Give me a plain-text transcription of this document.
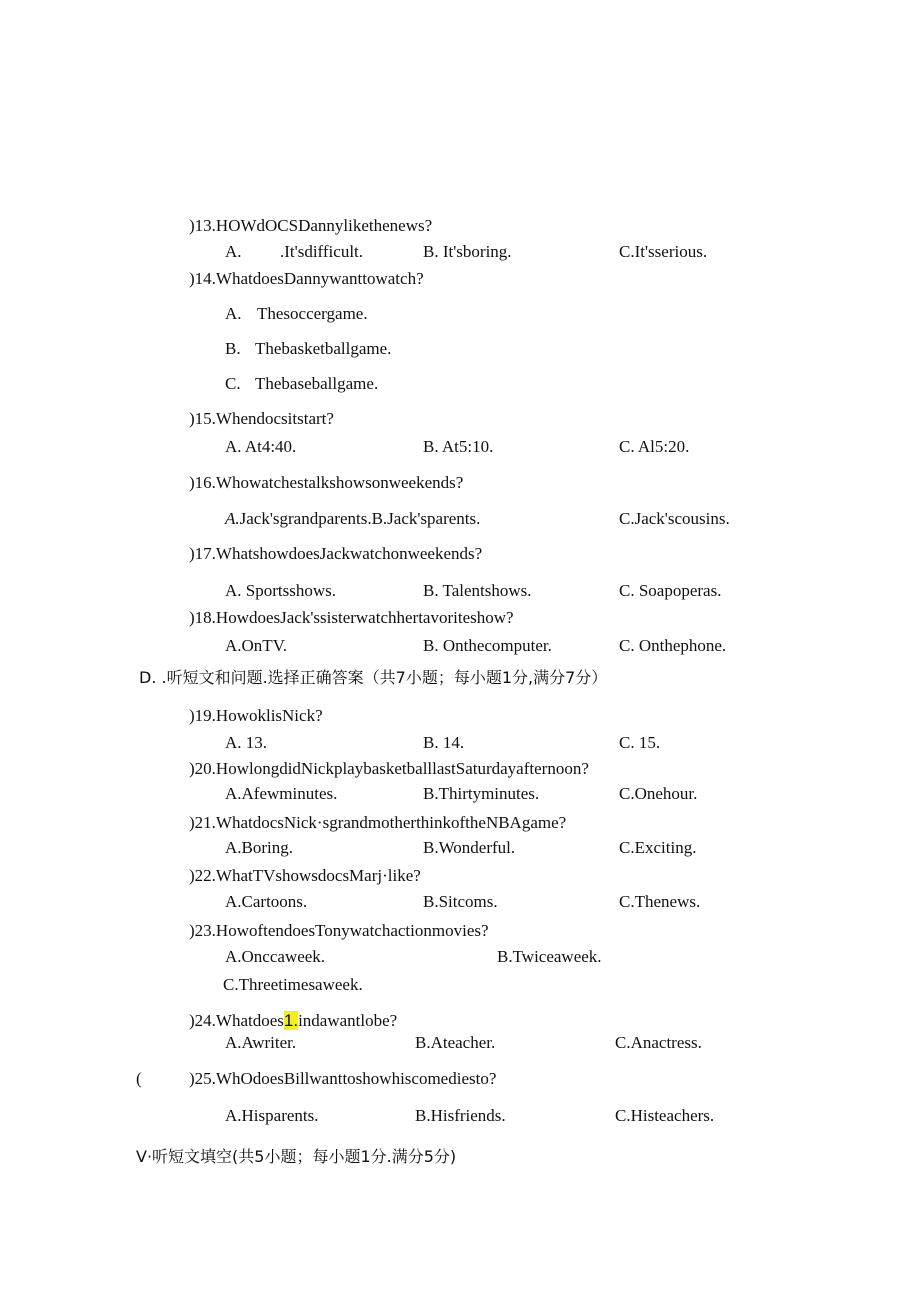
)13.HOWdOCSDannylikethenews?
A. .It'sdifficult.	B. It'sboring.	C.It'sserious.
)14.WhatdoesDannywanttowatch?
A. Thesoccergame.
B. Thebasketballgame.
C. Thebaseballgame.
)15.Whendocsitstart?
A. At4:40.	B. At5:10.	C. Al5:20.
)16.Whowatchestalkshowsonweekends?
A.Jack'sgrandparents.B.Jack'sparents.	C.Jack'scousins.
)17.WhatshowdoesJackwatchonweekends?
A. Sportsshows.	B. Talentshows.	C. Soapoperas.
)18.HowdoesJack'ssisterwatchhertavoriteshow?
A.OnTV.	B. Onthecomputer.	C. Onthephone.
D. .听短文和问题.选择正确答案（共7小题；每小题1分,满分7分）
)19.HowoklisNick?
A. 13.	B. 14.	C. 15.
)20.HowlongdidNickplaybasketballlastSaturdayafternoon?
A.Afewminutes.	B.Thirtyminutes.	C.Onehour.
)21.WhatdocsNick·sgrandmotherthinkoftheNBAgame?
A.Boring.	B.Wonderful.	C.Exciting.
)22.WhatTVshowsdocsMarj·like?
A.Cartoons.	B.Sitcoms.	C.Thenews.
)23.HowoftendoesTonywatchactionmovies?
A.Onccaweek.	B.Twiceaweek.
C.Threetimesaweek.
)24.Whatdoes1.indawantlobe?
A.Awriter.	B.Ateacher.	C.Anactress.
(	)25.WhOdoesBillwanttoshowhiscomediesto?
A.Hisparents.	B.Hisfriends.	C.Histeachers.
V·听短文填空(共5小题；每小题1分.满分5分)
